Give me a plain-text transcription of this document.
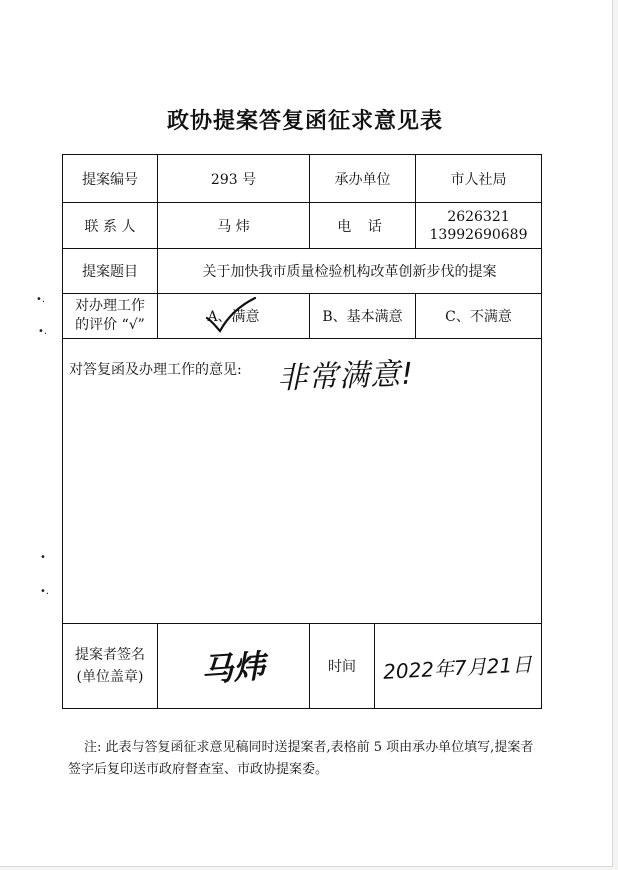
政协提案答复函征求意见表
提案编号	293 号	承办单位		市人社局
联 系 人	马 炜	电 话		2626321
13992690689

提案题目	关于加快我市质量检验机构改革创新步伐的提案			

对办理工作
的评价 “√”	A、满意	B、基本满意		C、不满意

对答复函及办理工作的意见: 非常满意!				

提案者签名
(单位盖章)	马炜	时间	2022年7月21日	
注: 此表与答复函征求意见稿同时送提案者,表格前 5 项由承办单位填写,提案者签字后复印送市政府督查室、市政协提案委。
•.
•.
•
•.
